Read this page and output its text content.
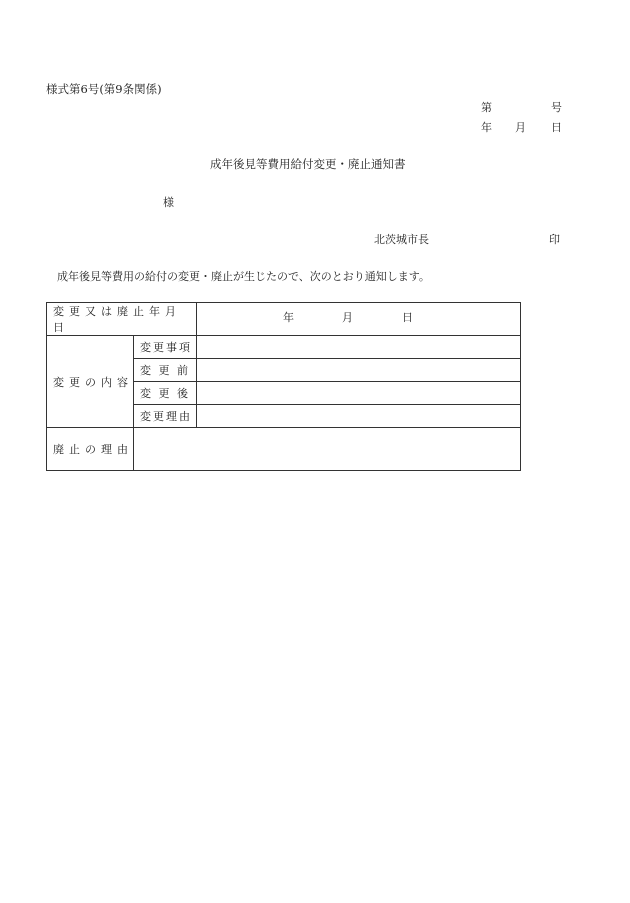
様式第6号(第9条関係)
第	号
年 月 日
成年後見等費用給付変更・廃止通知書
様
北茨城市長	印
成年後見等費用の給付の変更・廃止が生じたので、次のとおり通知します。
変更又は廃止年月日		年 月 日

変更の内容	変更事項	
	変 更 前	
	変 更 後	
	変更理由	
廃止の理由		
